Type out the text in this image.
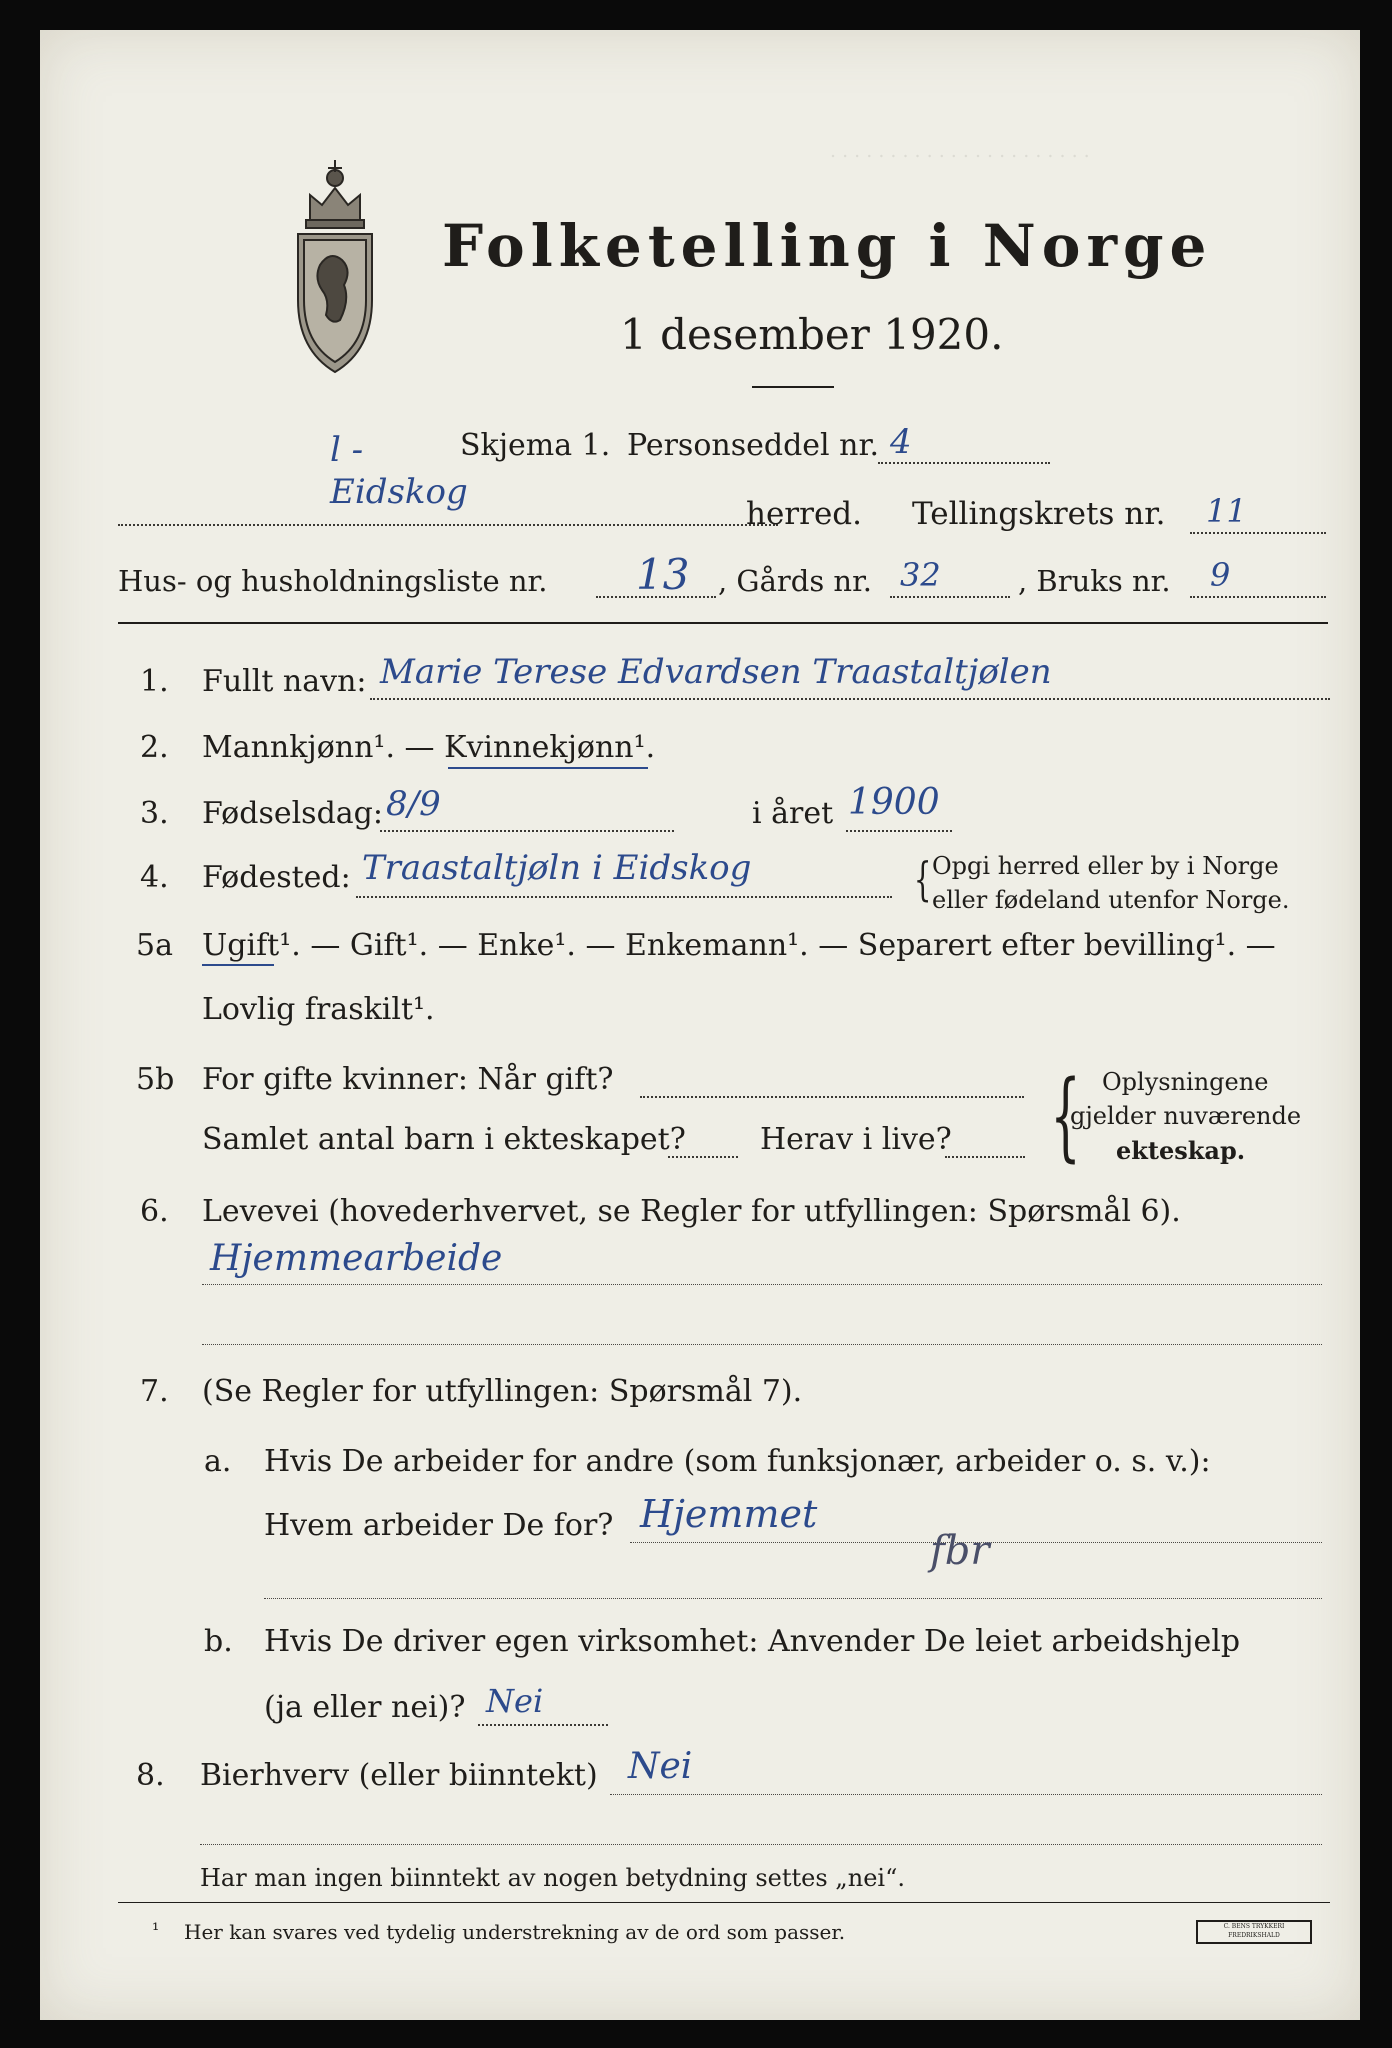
. . . . . . . . . . . . . . . . . . . . . .
Folketelling i Norge
1 desember 1920.
l -	Skjema 1. Personseddel nr. 4
Eidskog
herred. Tellingskrets nr. 11
Hus- og husholdningsliste nr. 13 , Gårds nr. 32	, Bruks nr. 9
1. Fullt navn: Marie Terese Edvardsen Traastaltjølen
2. Mannkjønn¹. — Kvinnekjønn¹.
3. Fødselsdag: 8/9	i året 1900
4. Fødested: Traastaltjøln i Eidskog	{ Opgi herred eller by i Norge
eller fødeland utenfor Norge.
5a Ugift¹. — Gift¹. — Enke¹. — Enkemann¹. — Separert efter bevilling¹. —
Lovlig fraskilt¹.
5b For gifte kvinner: Når gift?
Samlet antal barn i ekteskapet? Herav i live? { Oplysningene
gjelder nuværende
ekteskap.
6. Levevei (hovederhvervet, se Regler for utfyllingen: Spørsmål 6).
Hjemmearbeide
7. (Se Regler for utfyllingen: Spørsmål 7).
a. Hvis De arbeider for andre (som funksjonær, arbeider o. s. v.):
Hvem arbeider De for? Hjemmet
fbr
b. Hvis De driver egen virksomhet: Anvender De leiet arbeidshjelp
(ja eller nei)? Nei
8. Bierhverv (eller biinntekt) Nei
Har man ingen biinntekt av nogen betydning settes „nei“.
¹ Her kan svares ved tydelig understrekning av de ord som passer.	C. BENS TRYKKERI FREDRIKSHALD
